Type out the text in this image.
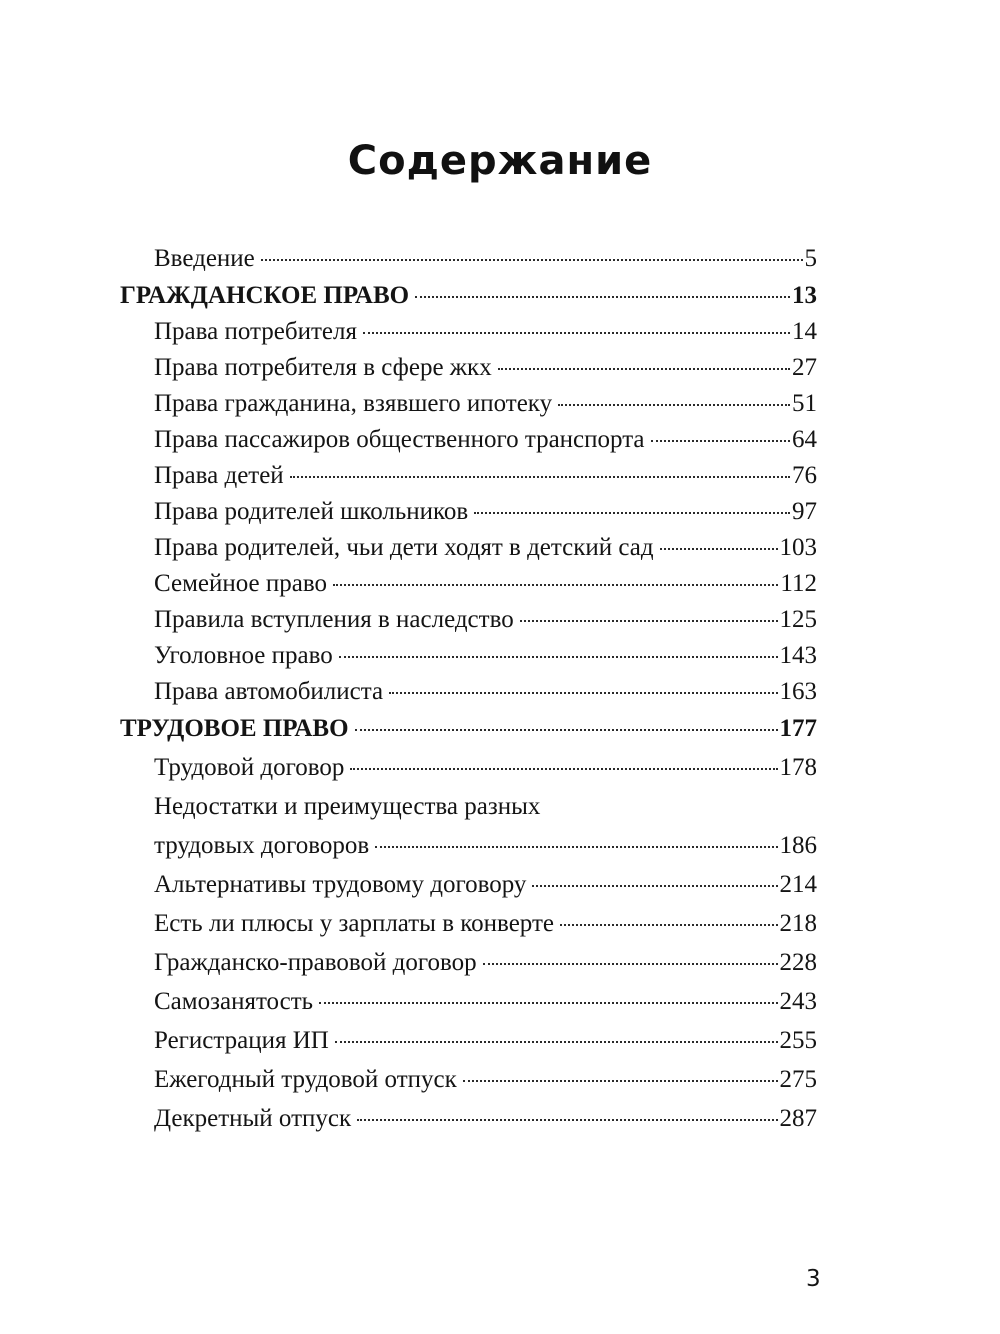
Содержание
Введение	5
ГРАЖДАНСКОЕ ПРАВО	13
Права потребителя	14
Права потребителя в сфере жкх	27
Права гражданина, взявшего ипотеку	51
Права пассажиров общественного транспорта	64
Права детей	76
Права родителей школьников	97
Права родителей, чьи дети ходят в детский сад	103
Семейное право	112
Правила вступления в наследство	125
Уголовное право	143
Права автомобилиста	163
ТРУДОВОЕ ПРАВО	177
Трудовой договор	178
Недостатки и преимущества разных
трудовых договоров	186
Альтернативы трудовому договору	214
Есть ли плюсы у зарплаты в конверте	218
Гражданско-правовой договор	228
Самозанятость	243
Регистрация ИП	255
Ежегодный трудовой отпуск	275
Декретный отпуск	287
3
